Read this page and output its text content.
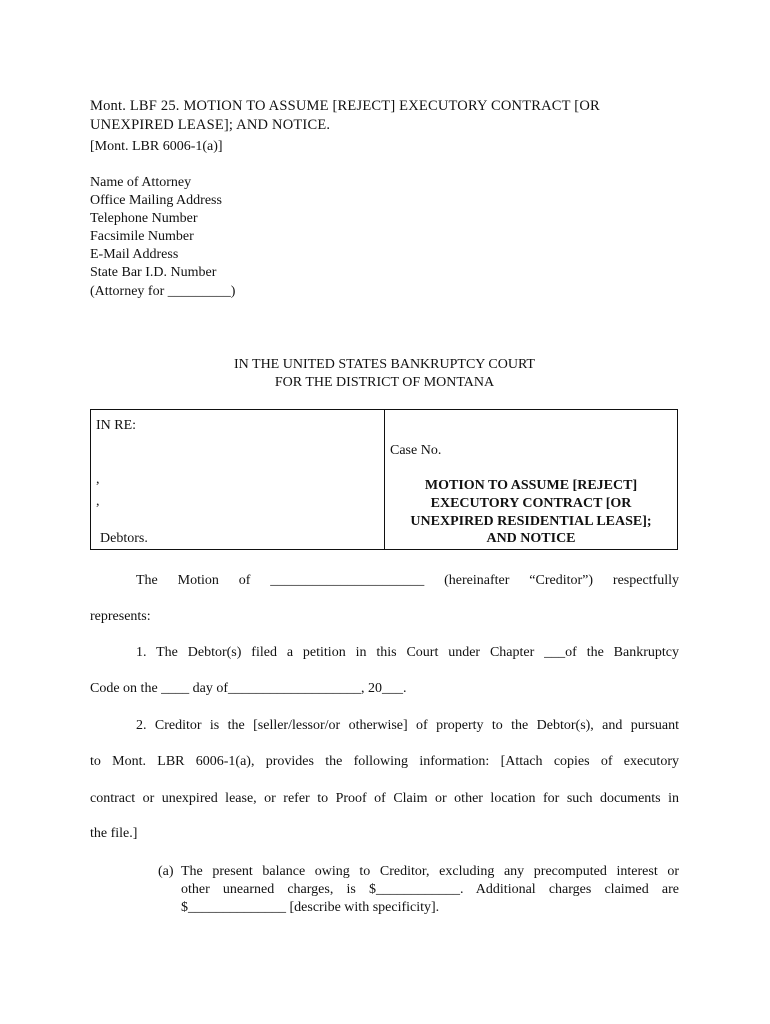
Mont. LBF 25. MOTION TO ASSUME [REJECT] EXECUTORY CONTRACT [OR
UNEXPIRED LEASE]; AND NOTICE.
[Mont. LBR 6006-1(a)]
Name of Attorney
Office Mailing Address
Telephone Number
Facsimile Number
E-Mail Address
State Bar I.D. Number
(Attorney for _________)
IN THE UNITED STATES BANKRUPTCY COURT
FOR THE DISTRICT OF MONTANA
IN RE:
,
,
Debtors.
Case No.
MOTION TO ASSUME [REJECT]
EXECUTORY CONTRACT [OR
UNEXPIRED RESIDENTIAL LEASE];
AND NOTICE
The Motion of ______________________ (hereinafter “Creditor”) respectfully
represents:
1. The Debtor(s) filed a petition in this Court under Chapter ___of the Bankruptcy
Code on the ____ day of___________________, 20___.
2. Creditor is the [seller/lessor/or otherwise] of property to the Debtor(s), and pursuant
to Mont. LBR 6006-1(a), provides the following information: [Attach copies of executory
contract or unexpired lease, or refer to Proof of Claim or other location for such documents in
the file.]
(a) The present balance owing to Creditor, excluding any precomputed interest or
other unearned charges, is $____________. Additional charges claimed are
$______________ [describe with specificity].
